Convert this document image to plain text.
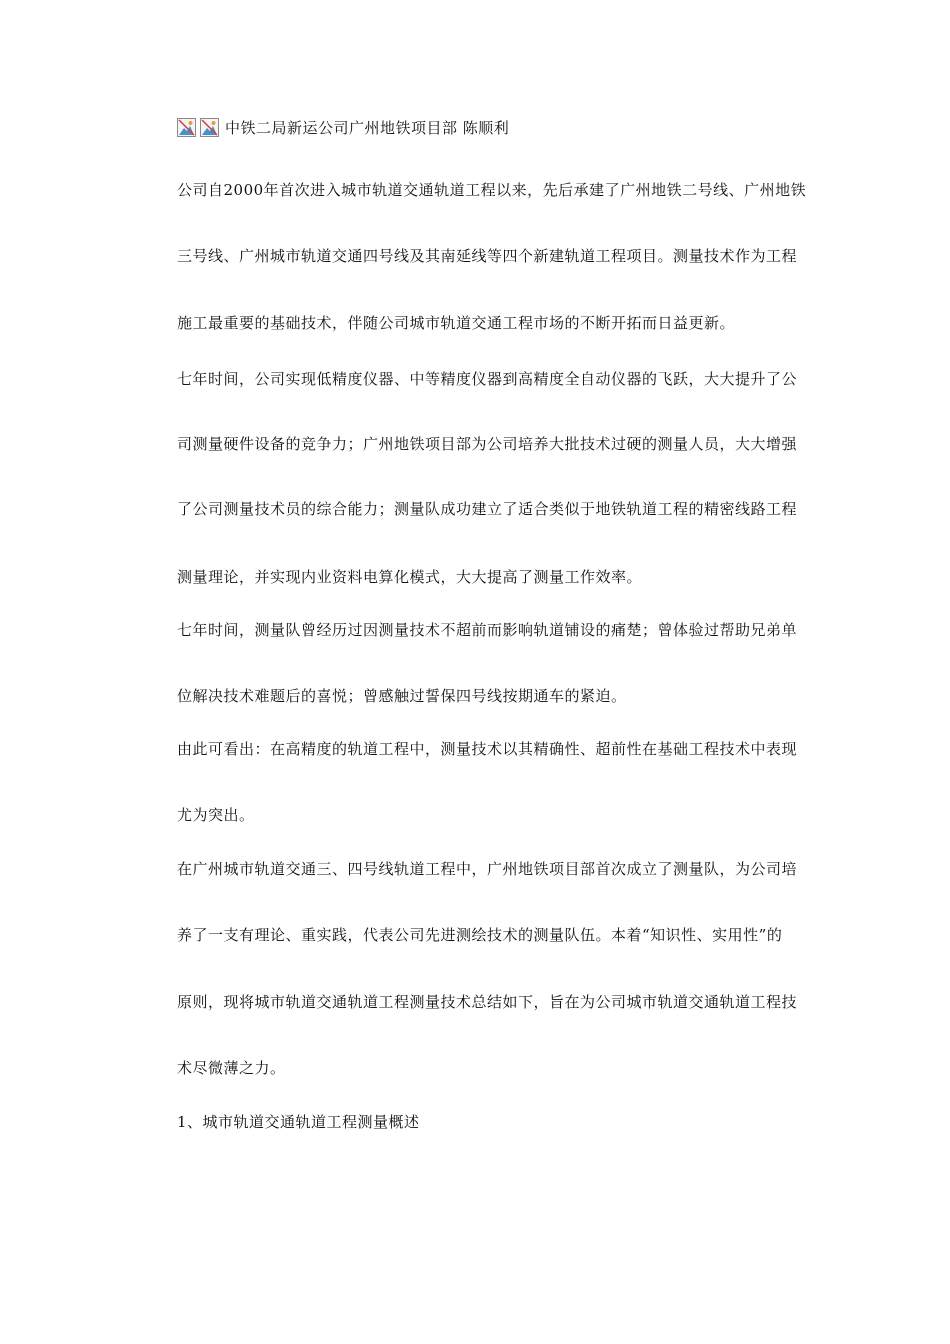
中铁二局新运公司广州地铁项目部 陈顺利
公司自2000年首次进入城市轨道交通轨道工程以来，先后承建了广州地铁二号线、广州地铁
三号线、广州城市轨道交通四号线及其南延线等四个新建轨道工程项目。测量技术作为工程
施工最重要的基础技术，伴随公司城市轨道交通工程市场的不断开拓而日益更新。
七年时间，公司实现低精度仪器、中等精度仪器到高精度全自动仪器的飞跃，大大提升了公
司测量硬件设备的竞争力；广州地铁项目部为公司培养大批技术过硬的测量人员，大大增强
了公司测量技术员的综合能力；测量队成功建立了适合类似于地铁轨道工程的精密线路工程
测量理论，并实现内业资料电算化模式，大大提高了测量工作效率。
七年时间，测量队曾经历过因测量技术不超前而影响轨道铺设的痛楚；曾体验过帮助兄弟单
位解决技术难题后的喜悦；曾感触过誓保四号线按期通车的紧迫。
由此可看出：在高精度的轨道工程中，测量技术以其精确性、超前性在基础工程技术中表现
尤为突出。
在广州城市轨道交通三、四号线轨道工程中，广州地铁项目部首次成立了测量队，为公司培
养了一支有理论、重实践，代表公司先进测绘技术的测量队伍。本着“知识性、实用性”的
原则，现将城市轨道交通轨道工程测量技术总结如下，旨在为公司城市轨道交通轨道工程技
术尽微薄之力。
1、城市轨道交通轨道工程测量概述
